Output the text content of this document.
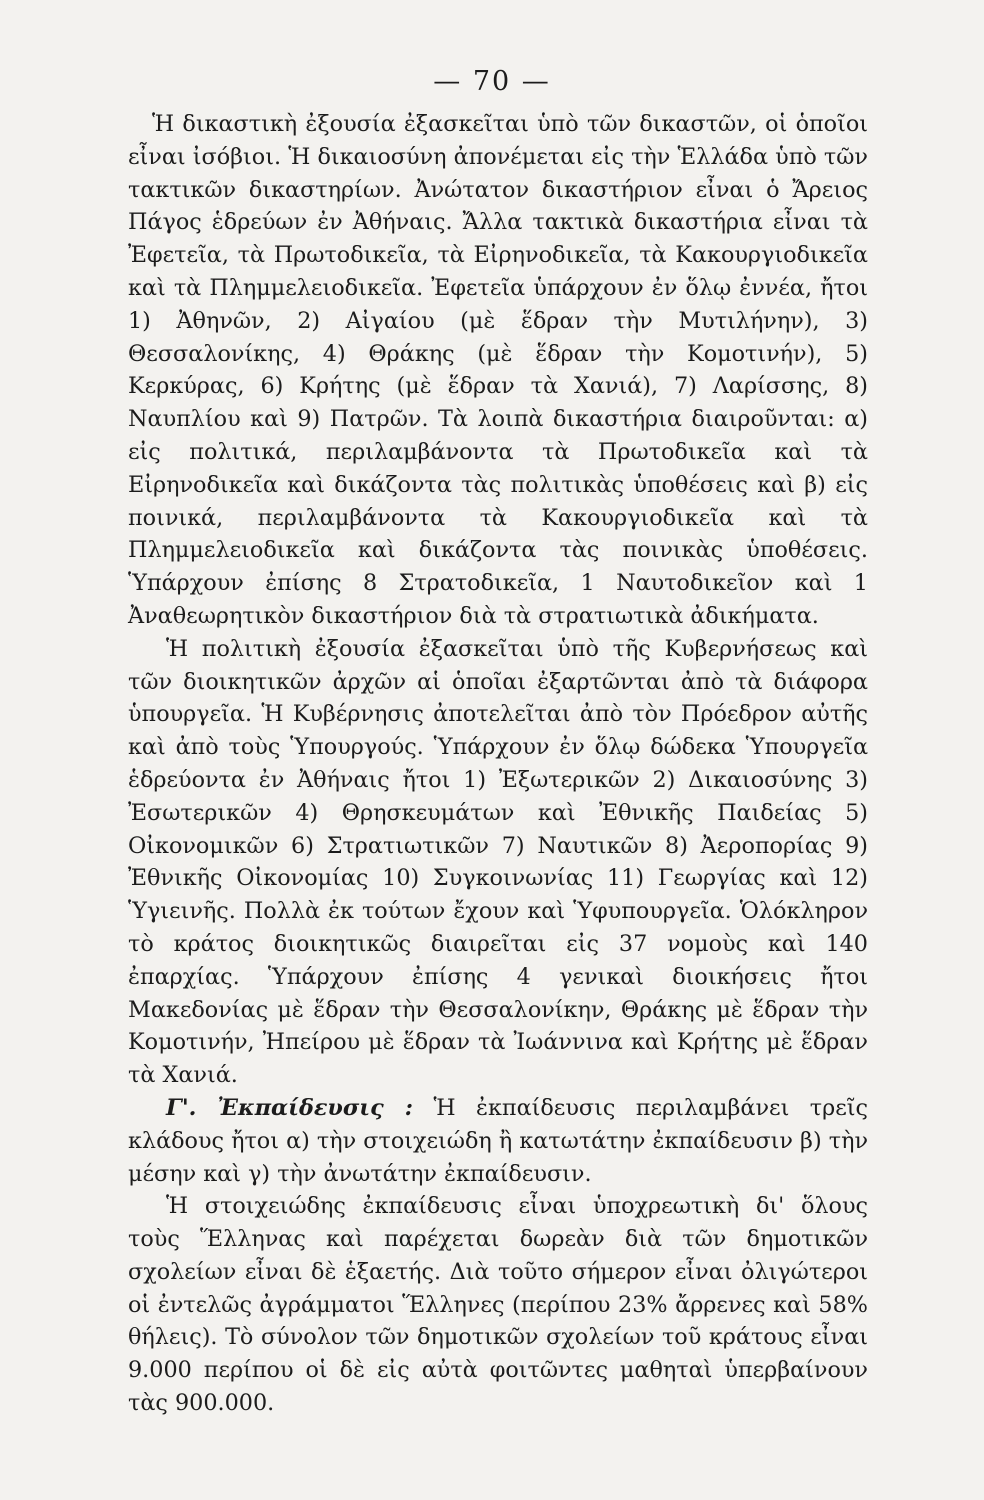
— 70 —

Ἡ δικαστικὴ ἐξουσία ἐξασκεῖται ὑπὸ τῶν δικαστῶν, οἱ ὁποῖοι εἶναι ἰσόβιοι. Ἡ δικαιοσύνη ἀπονέμεται εἰς τὴν Ἑλλάδα ὑπὸ τῶν τακτικῶν δικαστηρίων. Ἀνώτατον δικαστήριον εἶναι ὁ Ἄρειος Πάγος ἑδρεύων ἐν Ἀθήναις. Ἄλλα τακτικὰ δικαστήρια εἶναι τὰ Ἐφετεῖα, τὰ Πρωτοδικεῖα, τὰ Εἰρηνοδικεῖα, τὰ Κακουργιοδικεῖα καὶ τὰ Πλημμελειοδικεῖα. Ἐφετεῖα ὑπάρχουν ἐν ὅλῳ ἐννέα, ἤτοι 1) Ἀθηνῶν, 2) Αἰγαίου (μὲ ἕδραν τὴν Μυτιλήνην), 3) Θεσσαλονίκης, 4) Θράκης (μὲ ἕδραν τὴν Κομοτινήν), 5) Κερκύρας, 6) Κρήτης (μὲ ἕδραν τὰ Χανιά), 7) Λαρίσσης, 8) Ναυπλίου καὶ 9) Πατρῶν. Τὰ λοιπὰ δικαστήρια διαιροῦνται: α) εἰς πολιτικά, περιλαμβάνοντα τὰ Πρωτοδικεῖα καὶ τὰ Εἰρηνοδικεῖα καὶ δικάζοντα τὰς πολιτικὰς ὑποθέσεις καὶ β) εἰς ποινικά, περιλαμβάνοντα τὰ Κακουργιοδικεῖα καὶ τὰ Πλημμελειοδικεῖα καὶ δικάζοντα τὰς ποινικὰς ὑποθέσεις. Ὑπάρχουν ἐπίσης 8 Στρατοδικεῖα, 1 Ναυτοδικεῖον καὶ 1 Ἀναθεωρητικὸν δικαστήριον διὰ τὰ στρατιωτικὰ ἀδικήματα.

Ἡ πολιτικὴ ἐξουσία ἐξασκεῖται ὑπὸ τῆς Κυβερνήσεως καὶ τῶν διοικητικῶν ἀρχῶν αἱ ὁποῖαι ἐξαρτῶνται ἀπὸ τὰ διάφορα ὑπουργεῖα. Ἡ Κυβέρνησις ἀποτελεῖται ἀπὸ τὸν Πρόεδρον αὐτῆς καὶ ἀπὸ τοὺς Ὑπουργούς. Ὑπάρχουν ἐν ὅλῳ δώδεκα Ὑπουργεῖα ἑδρεύοντα ἐν Ἀθήναις ἤτοι 1) Ἐξωτερικῶν 2) Δικαιοσύνης 3) Ἐσωτερικῶν 4) Θρησκευμάτων καὶ Ἐθνικῆς Παιδείας 5) Οἰκονομικῶν 6) Στρατιωτικῶν 7) Ναυτικῶν 8) Ἀεροπορίας 9) Ἐθνικῆς Οἰκονομίας 10) Συγκοινωνίας 11) Γεωργίας καὶ 12) Ὑγιεινῆς. Πολλὰ ἐκ τούτων ἔχουν καὶ Ὑφυπουργεῖα. Ὁλόκληρον τὸ κράτος διοικητικῶς διαιρεῖται εἰς 37 νομοὺς καὶ 140 ἐπαρχίας. Ὑπάρχουν ἐπίσης 4 γενικαὶ διοικήσεις ἤτοι Μακεδονίας μὲ ἕδραν τὴν Θεσσαλονίκην, Θράκης μὲ ἕδραν τὴν Κομοτινήν, Ἠπείρου μὲ ἕδραν τὰ Ἰωάννινα καὶ Κρήτης μὲ ἕδραν τὰ Χανιά.

Γ'. Ἐκπαίδευσις : Ἡ ἐκπαίδευσις περιλαμβάνει τρεῖς κλάδους ἤτοι α) τὴν στοιχειώδη ἢ κατωτάτην ἐκπαίδευσιν β) τὴν μέσην καὶ γ) τὴν ἀνωτάτην ἐκπαίδευσιν.

Ἡ στοιχειώδης ἐκπαίδευσις εἶναι ὑποχρεωτικὴ δι' ὅλους τοὺς Ἕλληνας καὶ παρέχεται δωρεὰν διὰ τῶν δημοτικῶν σχολείων εἶναι δὲ ἑξαετής. Διὰ τοῦτο σήμερον εἶναι ὀλιγώτεροι οἱ ἐντελῶς ἀγράμματοι Ἕλληνες (περίπου 23% ἄρρενες καὶ 58% θήλεις). Τὸ σύνολον τῶν δημοτικῶν σχολείων τοῦ κράτους εἶναι 9.000 περίπου οἱ δὲ εἰς αὐτὰ φοιτῶντες μαθηταὶ ὑπερβαίνουν τὰς 900.000.
